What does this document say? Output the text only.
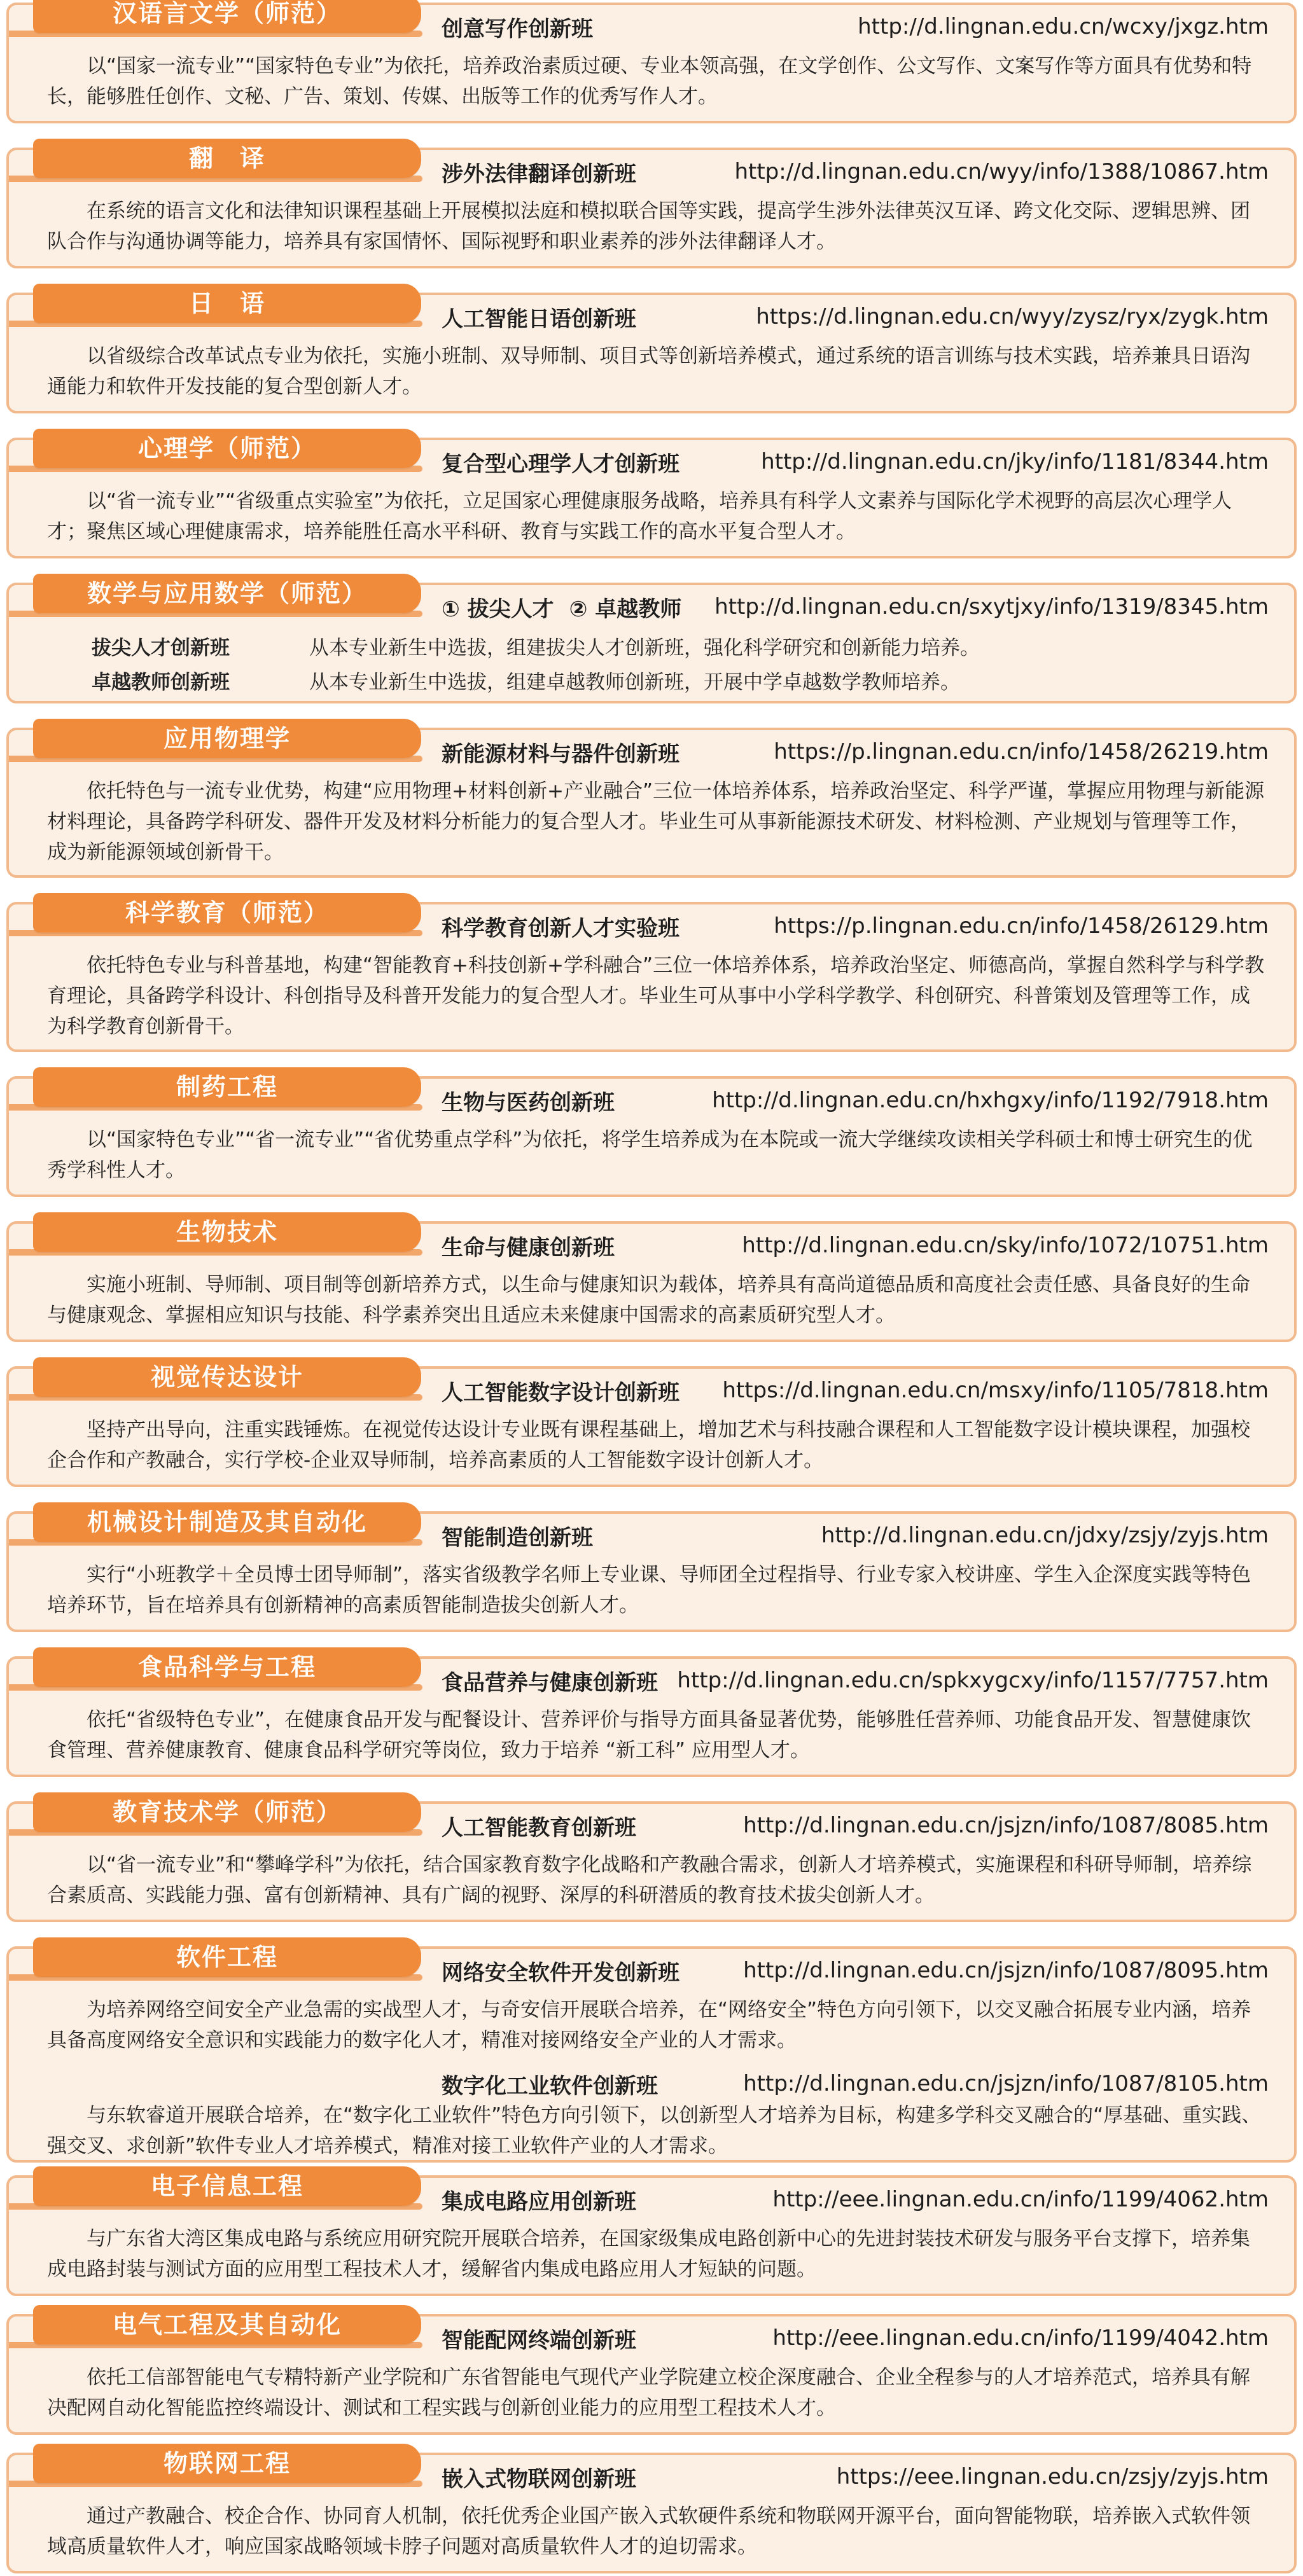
汉语言文学（师范）
创意写作创新班	http://d.lingnan.edu.cn/wcxy/jxgz.htm
以“国家一流专业”“国家特色专业”为依托，培养政治素质过硬、专业本领高强，在文学创作、公文写作、文案写作等方面具有优势和特长，能够胜任创作、文秘、广告、策划、传媒、出版等工作的优秀写作人才。
翻　译
涉外法律翻译创新班	http://d.lingnan.edu.cn/wyy/info/1388/10867.htm
在系统的语言文化和法律知识课程基础上开展模拟法庭和模拟联合国等实践，提高学生涉外法律英汉互译、跨文化交际、逻辑思辨、团队合作与沟通协调等能力，培养具有家国情怀、国际视野和职业素养的涉外法律翻译人才。
日　语
人工智能日语创新班	https://d.lingnan.edu.cn/wyy/zysz/ryx/zygk.htm
以省级综合改革试点专业为依托，实施小班制、双导师制、项目式等创新培养模式，通过系统的语言训练与技术实践，培养兼具日语沟通能力和软件开发技能的复合型创新人才。
心理学（师范）
复合型心理学人才创新班	http://d.lingnan.edu.cn/jky/info/1181/8344.htm
以“省一流专业”“省级重点实验室”为依托，立足国家心理健康服务战略，培养具有科学人文素养与国际化学术视野的高层次心理学人才；聚焦区域心理健康需求，培养能胜任高水平科研、教育与实践工作的高水平复合型人才。
数学与应用数学（师范）
① 拔尖人才 ② 卓越教师 http://d.lingnan.edu.cn/sxytjxy/info/1319/8345.htm
拔尖人才创新班	从本专业新生中选拔，组建拔尖人才创新班，强化科学研究和创新能力培养。
卓越教师创新班	从本专业新生中选拔，组建卓越教师创新班，开展中学卓越数学教师培养。
应用物理学
新能源材料与器件创新班	https://p.lingnan.edu.cn/info/1458/26219.htm
依托特色与一流专业优势，构建“应用物理+材料创新+产业融合”三位一体培养体系，培养政治坚定、科学严谨，掌握应用物理与新能源材料理论，具备跨学科研发、器件开发及材料分析能力的复合型人才。毕业生可从事新能源技术研发、材料检测、产业规划与管理等工作，成为新能源领域创新骨干。
科学教育（师范）
科学教育创新人才实验班	https://p.lingnan.edu.cn/info/1458/26129.htm
依托特色专业与科普基地，构建“智能教育+科技创新+学科融合”三位一体培养体系，培养政治坚定、师德高尚，掌握自然科学与科学教育理论，具备跨学科设计、科创指导及科普开发能力的复合型人才。毕业生可从事中小学科学教学、科创研究、科普策划及管理等工作，成为科学教育创新骨干。
制药工程
生物与医药创新班	http://d.lingnan.edu.cn/hxhgxy/info/1192/7918.htm
以“国家特色专业”“省一流专业”“省优势重点学科”为依托，将学生培养成为在本院或一流大学继续攻读相关学科硕士和博士研究生的优秀学科性人才。
生物技术
生命与健康创新班	http://d.lingnan.edu.cn/sky/info/1072/10751.htm
实施小班制、导师制、项目制等创新培养方式，以生命与健康知识为载体，培养具有高尚道德品质和高度社会责任感、具备良好的生命与健康观念、掌握相应知识与技能、科学素养突出且适应未来健康中国需求的高素质研究型人才。
视觉传达设计
人工智能数字设计创新班 https://d.lingnan.edu.cn/msxy/info/1105/7818.htm
坚持产出导向，注重实践锤炼。在视觉传达设计专业既有课程基础上，增加艺术与科技融合课程和人工智能数字设计模块课程，加强校企合作和产教融合，实行学校-企业双导师制，培养高素质的人工智能数字设计创新人才。
机械设计制造及其自动化
智能制造创新班	http://d.lingnan.edu.cn/jdxy/zsjy/zyjs.htm
实行“小班教学＋全员博士团导师制”，落实省级教学名师上专业课、导师团全过程指导、行业专家入校讲座、学生入企深度实践等特色培养环节，旨在培养具有创新精神的高素质智能制造拔尖创新人才。
食品科学与工程
食品营养与健康创新班 http://d.lingnan.edu.cn/spkxygcxy/info/1157/7757.htm
依托“省级特色专业”，在健康食品开发与配餐设计、营养评价与指导方面具备显著优势，能够胜任营养师、功能食品开发、智慧健康饮食管理、营养健康教育、健康食品科学研究等岗位，致力于培养 “新工科” 应用型人才。
教育技术学（师范）
人工智能教育创新班	http://d.lingnan.edu.cn/jsjzn/info/1087/8085.htm
以“省一流专业”和“攀峰学科”为依托，结合国家教育数字化战略和产教融合需求，创新人才培养模式，实施课程和科研导师制，培养综合素质高、实践能力强、富有创新精神、具有广阔的视野、深厚的科研潜质的教育技术拔尖创新人才。
软件工程
网络安全软件开发创新班	http://d.lingnan.edu.cn/jsjzn/info/1087/8095.htm
为培养网络空间安全产业急需的实战型人才，与奇安信开展联合培养，在“网络安全”特色方向引领下，以交叉融合拓展专业内涵，培养具备高度网络安全意识和实践能力的数字化人才，精准对接网络安全产业的人才需求。
数字化工业软件创新班	http://d.lingnan.edu.cn/jsjzn/info/1087/8105.htm
与东软睿道开展联合培养，在“数字化工业软件”特色方向引领下，以创新型人才培养为目标，构建多学科交叉融合的“厚基础、重实践、强交叉、求创新”软件专业人才培养模式，精准对接工业软件产业的人才需求。
电子信息工程
集成电路应用创新班	http://eee.lingnan.edu.cn/info/1199/4062.htm
与广东省大湾区集成电路与系统应用研究院开展联合培养，在国家级集成电路创新中心的先进封装技术研发与服务平台支撑下，培养集成电路封装与测试方面的应用型工程技术人才，缓解省内集成电路应用人才短缺的问题。
电气工程及其自动化
智能配网终端创新班	http://eee.lingnan.edu.cn/info/1199/4042.htm
依托工信部智能电气专精特新产业学院和广东省智能电气现代产业学院建立校企深度融合、企业全程参与的人才培养范式，培养具有解决配网自动化智能监控终端设计、测试和工程实践与创新创业能力的应用型工程技术人才。
物联网工程
嵌入式物联网创新班	https://eee.lingnan.edu.cn/zsjy/zyjs.htm
通过产教融合、校企合作、协同育人机制，依托优秀企业国产嵌入式软硬件系统和物联网开源平台，面向智能物联，培养嵌入式软件领域高质量软件人才，响应国家战略领域卡脖子问题对高质量软件人才的迫切需求。
